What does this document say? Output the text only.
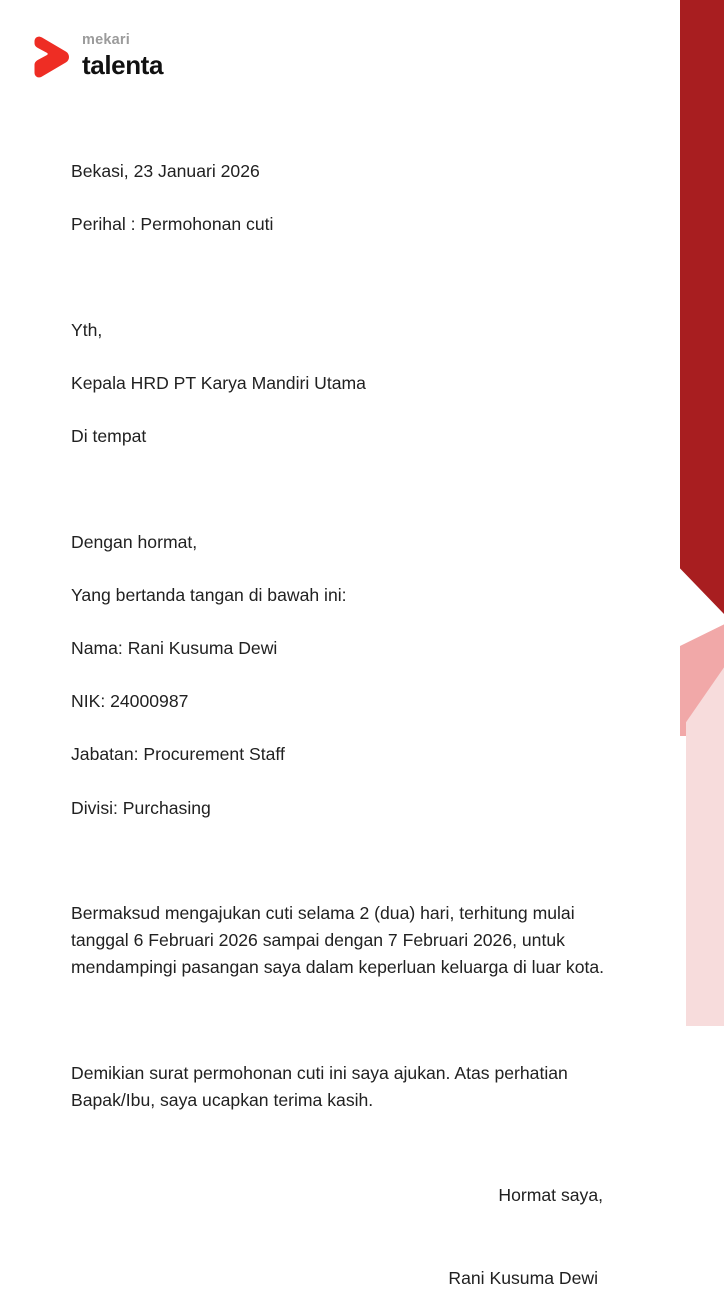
mekari
talenta

Bekasi, 23 Januari 2026

Perihal : Permohonan cuti

Yth,

Kepala HRD PT Karya Mandiri Utama

Di tempat

Dengan hormat,

Yang bertanda tangan di bawah ini:

Nama: Rani Kusuma Dewi

NIK: 24000987

Jabatan: Procurement Staff

Divisi: Purchasing

Bermaksud mengajukan cuti selama 2 (dua) hari, terhitung mulai tanggal 6 Februari 2026 sampai dengan 7 Februari 2026, untuk mendampingi pasangan saya dalam keperluan keluarga di luar kota.

Demikian surat permohonan cuti ini saya ajukan. Atas perhatian Bapak/Ibu, saya ucapkan terima kasih.

Hormat saya,
Rani Kusuma Dewi
